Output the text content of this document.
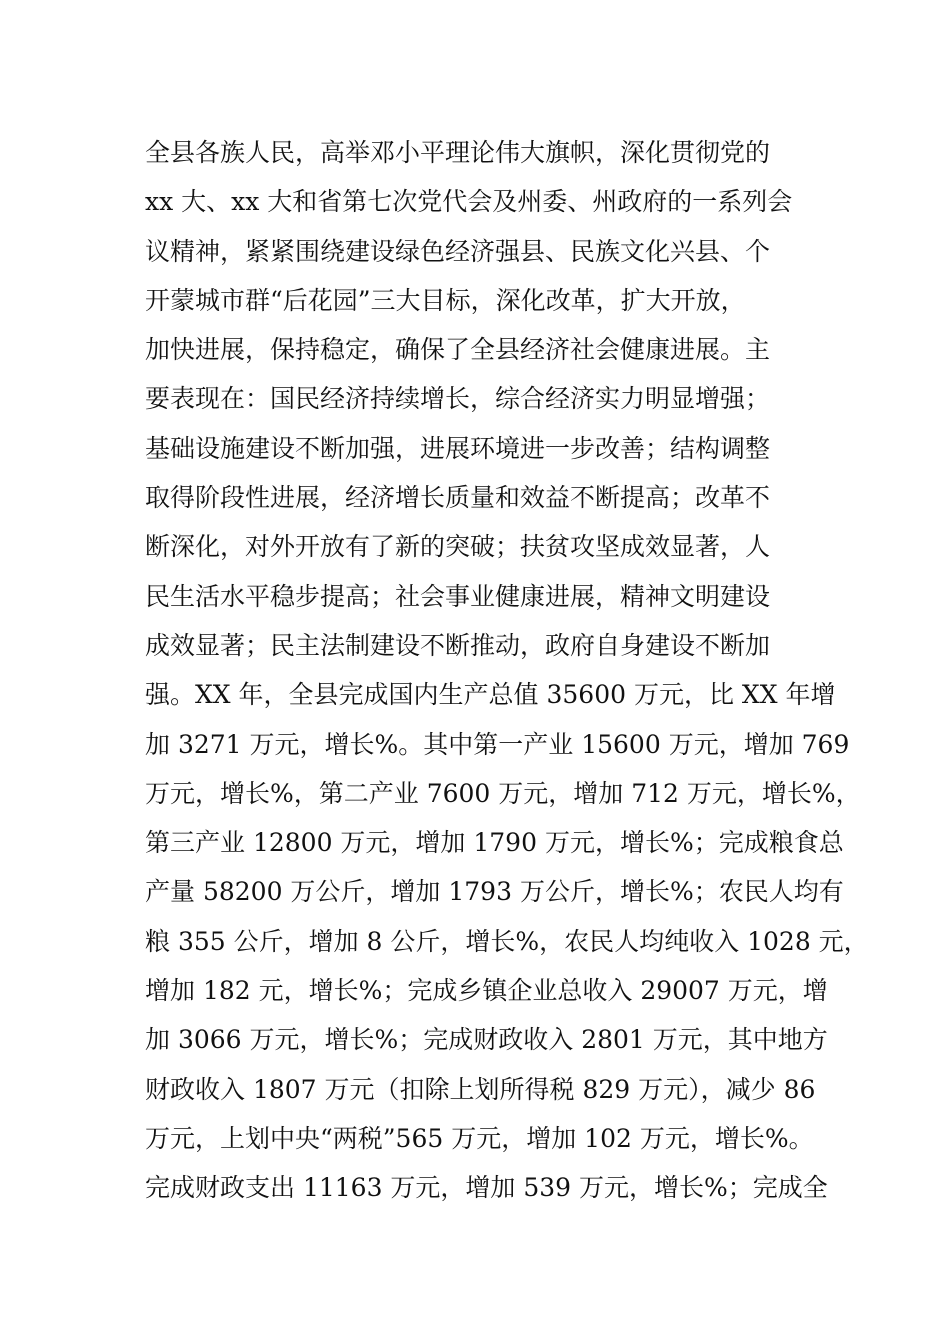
全县各族人民，高举邓小平理论伟大旗帜，深化贯彻党的
xx 大、xx 大和省第七次党代会及州委、州政府的一系列会
议精神，紧紧围绕建设绿色经济强县、民族文化兴县、个
开蒙城市群“后花园”三大目标，深化改革，扩大开放，
加快进展，保持稳定，确保了全县经济社会健康进展。主
要表现在：国民经济持续增长，综合经济实力明显增强；
基础设施建设不断加强，进展环境进一步改善；结构调整
取得阶段性进展，经济增长质量和效益不断提高；改革不
断深化，对外开放有了新的突破；扶贫攻坚成效显著，人
民生活水平稳步提高；社会事业健康进展，精神文明建设
成效显著；民主法制建设不断推动，政府自身建设不断加
强。XX 年，全县完成国内生产总值 35600 万元，比 XX 年增
加 3271 万元，增长%。其中第一产业 15600 万元，增加 769
万元，增长%，第二产业 7600 万元，增加 712 万元，增长%，
第三产业 12800 万元，增加 1790 万元，增长%；完成粮食总
产量 58200 万公斤，增加 1793 万公斤，增长%；农民人均有
粮 355 公斤，增加 8 公斤，增长%，农民人均纯收入 1028 元，
增加 182 元，增长%；完成乡镇企业总收入 29007 万元，增
加 3066 万元，增长%；完成财政收入 2801 万元，其中地方
财政收入 1807 万元（扣除上划所得税 829 万元），减少 86
万元，上划中央“两税”565 万元，增加 102 万元，增长%。
完成财政支出 11163 万元，增加 539 万元，增长%；完成全
